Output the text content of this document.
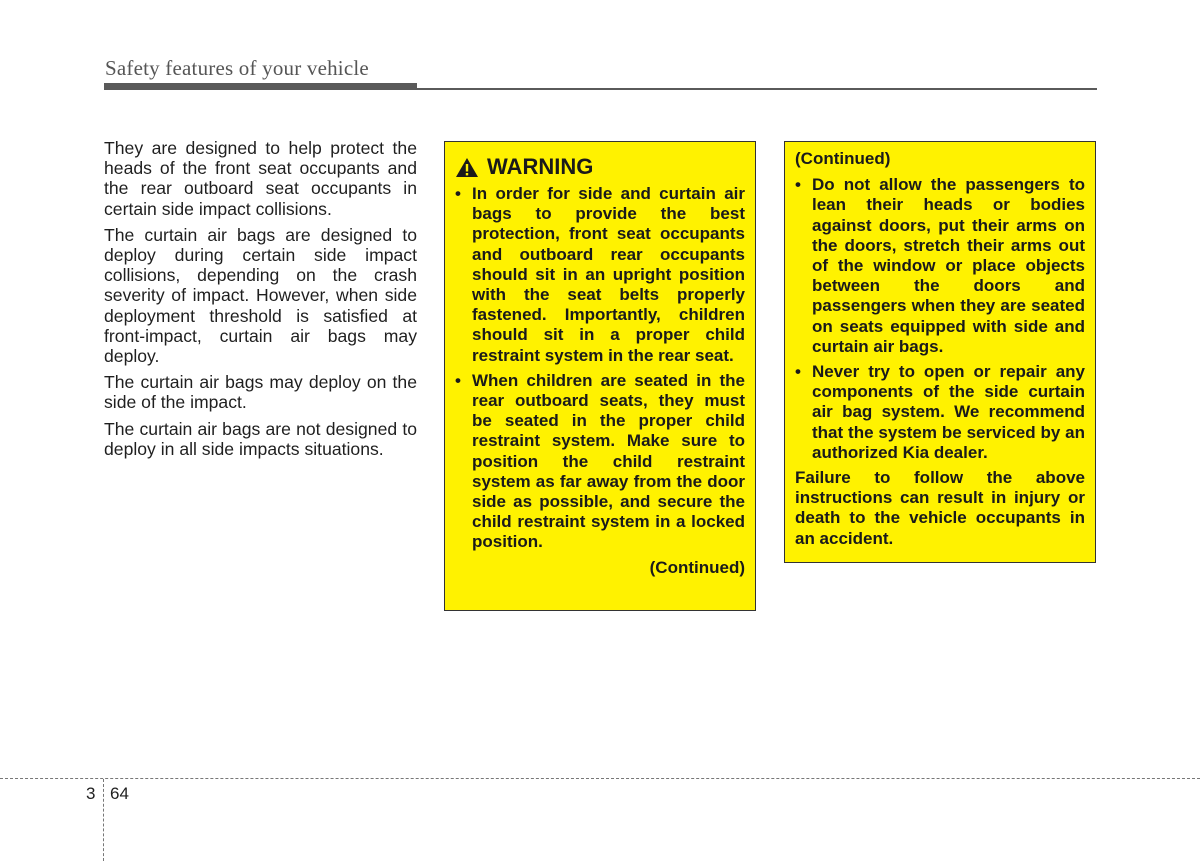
Safety features of your vehicle

They are designed to help protect the heads of the front seat occupants and the rear outboard seat occupants in certain side impact collisions.

The curtain air bags are designed to deploy during certain side impact collisions, depending on the crash severity of impact. However, when side deployment threshold is satisfied at front-impact, curtain air bags may deploy.

The curtain air bags may deploy on the side of the impact.

The curtain air bags are not designed to deploy in all side impacts situations.

WARNING
• In order for side and curtain air bags to provide the best protection, front seat occupants and outboard rear occupants should sit in an upright position with the seat belts properly fastened. Importantly, children should sit in a proper child restraint system in the rear seat.
• When children are seated in the rear outboard seats, they must be seated in the proper child restraint system. Make sure to position the child restraint system as far away from the door side as possible, and secure the child restraint system in a locked position.
(Continued)
(Continued)
• Do not allow the passengers to lean their heads or bodies against doors, put their arms on the doors, stretch their arms out of the window or place objects between the doors and passengers when they are seated on seats equipped with side and curtain air bags.
• Never try to open or repair any components of the side curtain air bag system. We recommend that the system be serviced by an authorized Kia dealer.
Failure to follow the above instructions can result in injury or death to the vehicle occupants in an accident.
3 64
